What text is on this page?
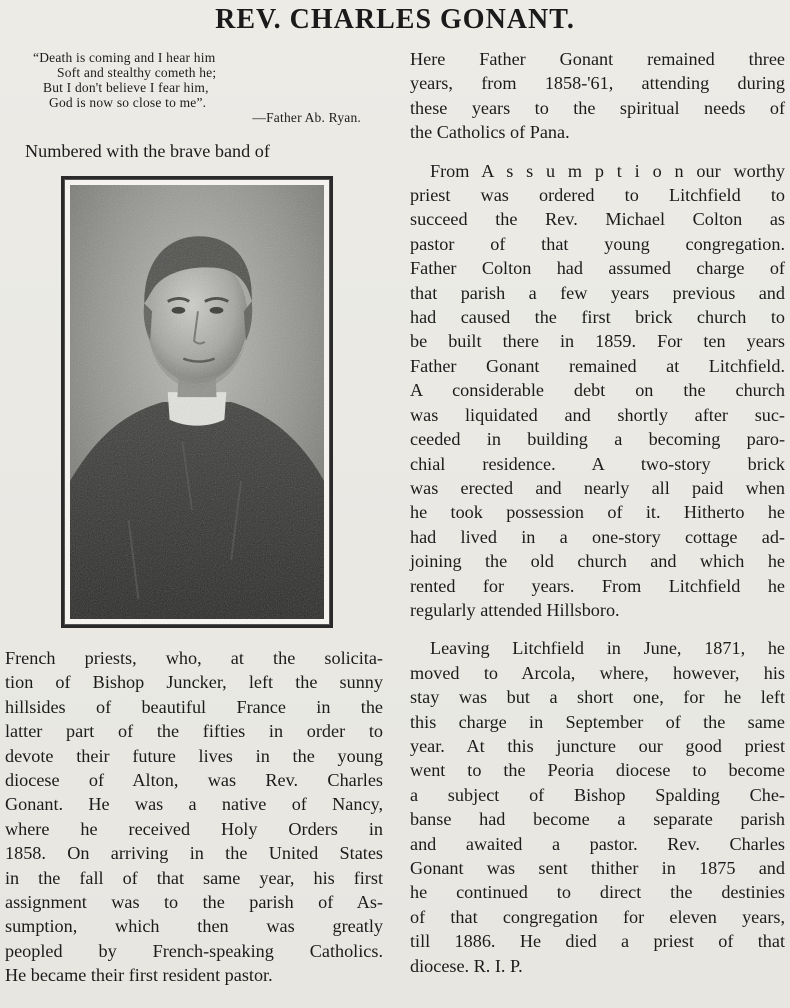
REV. CHARLES GONANT.
“Death is coming and I hear him
Soft and stealthy cometh he;
But I don't believe I fear him,
God is now so close to me”.
—Father Ab. Ryan.
Numbered with the brave band of
French priests, who, at the solicita-
tion of Bishop Juncker, left the sunny
hillsides of beautiful France in the
latter part of the fifties in order to
devote their future lives in the young
diocese of Alton, was Rev. Charles
Gonant. He was a native of Nancy,
where he received Holy Orders in
1858. On arriving in the United States
in the fall of that same year, his first
assignment was to the parish of As-
sumption, which then was greatly
peopled by French-speaking Catholics.
He became their first resident pastor.
Here Father Gonant remained three
years, from 1858-'61, attending during
these years to the spiritual needs of
the Catholics of Pana.
From A s s u m p t i o n our worthy
priest was ordered to Litchfield to
succeed the Rev. Michael Colton as
pastor of that young congregation.
Father Colton had assumed charge of
that parish a few years previous and
had caused the first brick church to
be built there in 1859. For ten years
Father Gonant remained at Litchfield.
A considerable debt on the church
was liquidated and shortly after suc-
ceeded in building a becoming paro-
chial residence. A two-story brick
was erected and nearly all paid when
he took possession of it. Hitherto he
had lived in a one-story cottage ad-
joining the old church and which he
rented for years. From Litchfield he
regularly attended Hillsboro.
Leaving Litchfield in June, 1871, he
moved to Arcola, where, however, his
stay was but a short one, for he left
this charge in September of the same
year. At this juncture our good priest
went to the Peoria diocese to become
a subject of Bishop Spalding Che-
banse had become a separate parish
and awaited a pastor. Rev. Charles
Gonant was sent thither in 1875 and
he continued to direct the destinies
of that congregation for eleven years,
till 1886. He died a priest of that
diocese. R. I. P.
